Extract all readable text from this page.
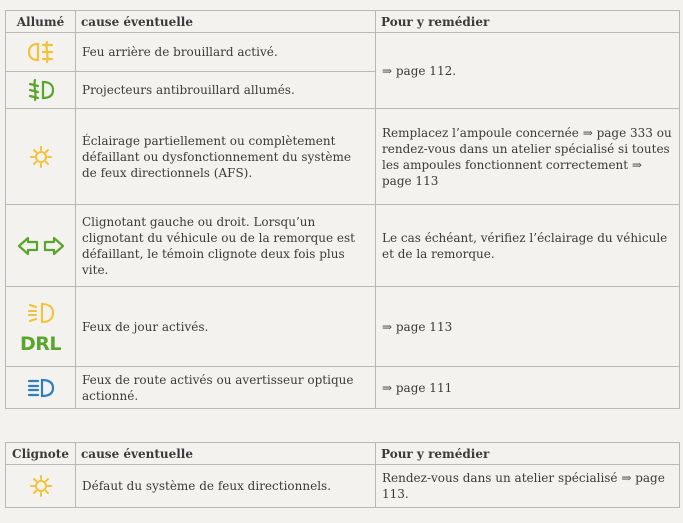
Allumé	cause éventuelle	Pour y remédier
	Feu arrière de brouillard activé.	⇒ page 112.
	Projecteurs antibrouillard allumés.	
	Éclairage partiellement ou complètement défaillant ou dysfonctionnement du système de feux directionnels (AFS).	Remplacez l’ampoule concernée ⇒ page 333 ou rendez-vous dans un atelier spécialisé si toutes les ampoules fonctionnent correctement ⇒ page 113
	Clignotant gauche ou droit. Lorsqu’un clignotant du véhicule ou de la remorque est défaillant, le témoin clignote deux fois plus vite.	Le cas échéant, vérifiez l’éclairage du véhicule et de la remorque.

DRL	Feux de jour activés.	⇒ page 113
	Feux de route activés ou avertisseur optique actionné.	⇒ page 111
Clignote	cause éventuelle	Pour y remédier
	Défaut du système de feux directionnels.	Rendez-vous dans un atelier spécialisé ⇒ page 113.
